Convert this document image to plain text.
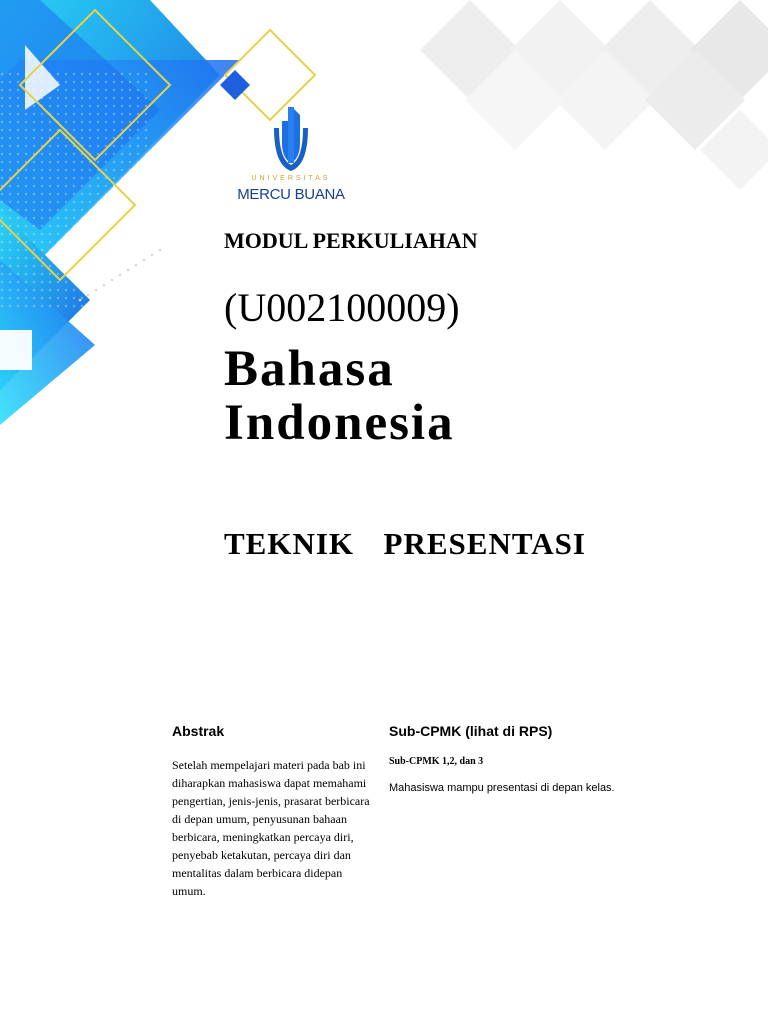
UNIVERSITAS
MERCU BUANA
MODUL PERKULIAHAN
(U002100009)
Bahasa
Indonesia
TEKNIK  PRESENTASI
Abstrak

Setelah mempelajari materi pada bab ini diharapkan mahasiswa dapat memahami pengertian, jenis-jenis, prasarat berbicara di depan umum, penyusunan bahaan berbicara, meningkatkan percaya diri, penyebab ketakutan, percaya diri dan mentalitas dalam berbicara didepan umum.

Sub-CPMK (lihat di RPS)

Sub-CPMK 1,2, dan 3

Mahasiswa mampu presentasi di depan kelas.
